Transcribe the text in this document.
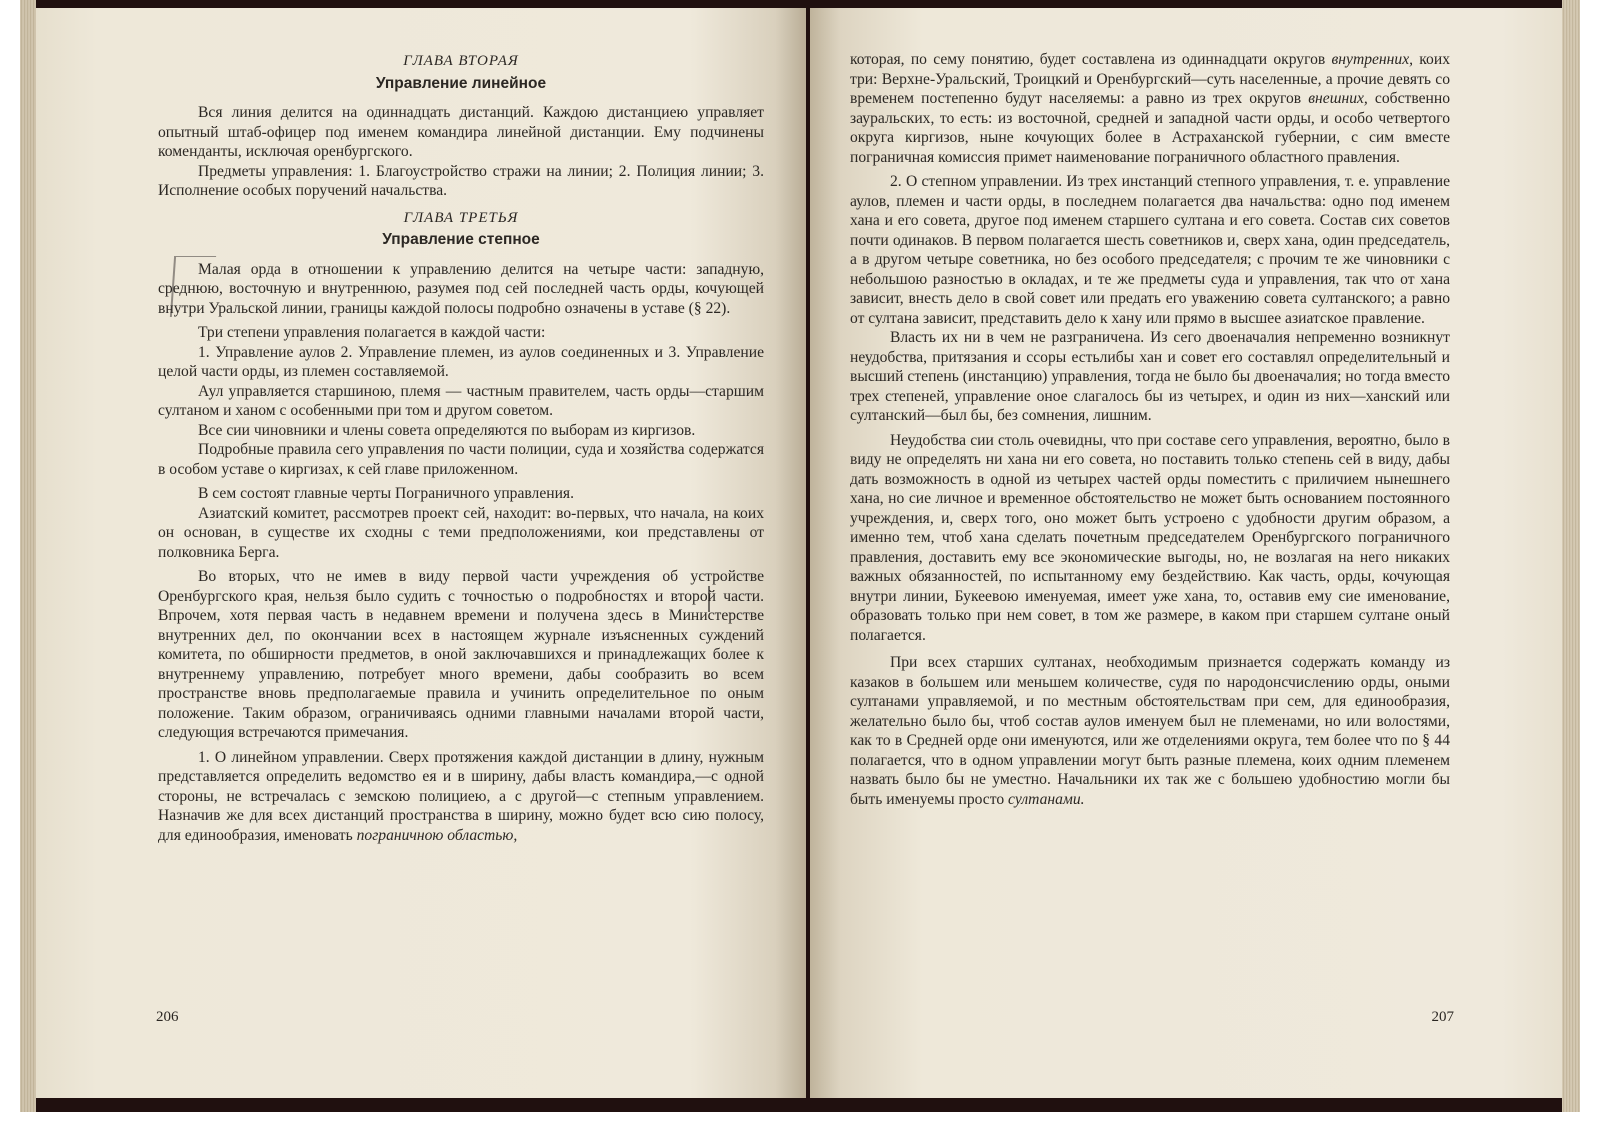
ГЛАВА ВТОРАЯ
Управление линейное

Вся линия делится на одиннадцать дистанций. Каждою дистанциею управляет опытный штаб-офицер под именем командира линейной дистанции. Ему подчинены коменданты, исключая оренбургского.

Предметы управления: 1. Благоустройство стражи на линии; 2. Полиция линии; 3. Исполнение особых поручений начальства.

ГЛАВА ТРЕТЬЯ
Управление степное

Малая орда в отношении к управлению делится на четыре части: западную, среднюю, восточную и внутреннюю, разумея под сей последней часть орды, кочующей внутри Уральской линии, границы каждой полосы подробно означены в уставе (§ 22).

Три степени управления полагается в каждой части:

1. Управление аулов 2. Управление племен, из аулов соединенных и 3. Управление целой части орды, из племен составляемой.

Аул управляется старшиною, племя — частным правителем, часть орды—старшим султаном и ханом с особенными при том и другом советом.

Все сии чиновники и члены совета определяются по выборам из киргизов.

Подробные правила сего управления по части полиции, суда и хозяйства содержатся в особом уставе о киргизах, к сей главе приложенном.

В сем состоят главные черты Пограничного управления.

Азиатский комитет, рассмотрев проект сей, находит: во-первых, что начала, на коих он основан, в существе их сходны с теми предположениями, кои представлены от полковника Берга.

Во вторых, что не имев в виду первой части учреждения об устройстве Оренбургского края, нельзя было судить с точностью о подробностях и второй части. Впрочем, хотя первая часть в недавнем времени и получена здесь в Министерстве внутренних дел, по окончании всех в настоящем журнале изъясненных суждений комитета, по обширности предметов, в оной заключавшихся и принадлежащих более к внутреннему управлению, потребует много времени, дабы сообразить во всем пространстве вновь предполагаемые правила и учинить определительное по оным положение. Таким образом, ограничиваясь одними главными началами второй части, следующия встречаются примечания.

1. О линейном управлении. Сверх протяжения каждой дистанции в длину, нужным представляется определить ведомство ея и в ширину, дабы власть командира,—с одной стороны, не встречалась с земскою полициею, а с другой—с степным управлением. Назначив же для всех дистанций пространства в ширину, можно будет всю сию полосу, для единообразия, именовать пограничною областью,

206

которая, по сему понятию, будет составлена из одиннадцати округов внутренних, коих три: Верхне-Уральский, Троицкий и Оренбургский—суть населенные, а прочие девять со временем постепенно будут населяемы: а равно из трех округов внешних, собственно зауральских, то есть: из восточной, средней и западной части орды, и особо четвертого округа киргизов, ныне кочующих более в Астраханской губернии, с сим вместе пограничная комиссия примет наименование пограничного областного правления.

2. О степном управлении. Из трех инстанций степного управления, т. е. управление аулов, племен и части орды, в последнем полагается два начальства: одно под именем хана и его совета, другое под именем старшего султана и его совета. Состав сих советов почти одинаков. В первом полагается шесть советников и, сверх хана, один председатель, а в другом четыре советника, но без особого председателя; с прочим те же чиновники с небольшою разностью в окладах, и те же предметы суда и управления, так что от хана зависит, внесть дело в свой совет или предать его уважению совета султанского; а равно от султана зависит, представить дело к хану или прямо в высшее азиатское правление.

Власть их ни в чем не разграничена. Из сего двоеначалия непременно возникнут неудобства, притязания и ссоры естьлибы хан и совет его составлял определительный и высший степень (инстанцию) управления, тогда не было бы двоеначалия; но тогда вместо трех степеней, управление оное слагалось бы из четырех, и один из них—ханский или султанский—был бы, без сомнения, лишним.

Неудобства сии столь очевидны, что при составе сего управления, вероятно, было в виду не определять ни хана ни его совета, но поставить только степень сей в виду, дабы дать возможность в одной из четырех частей орды поместить с приличием нынешнего хана, но сие личное и временное обстоятельство не может быть основанием постоянного учреждения, и, сверх того, оно может быть устроено с удобности другим образом, а именно тем, чтоб хана сделать почетным председателем Оренбургского пограничного правления, доставить ему все экономические выгоды, но, не возлагая на него никаких важных обязанностей, по испытанному ему бездействию. Как часть, орды, кочующая внутри линии, Букеевою именуемая, имеет уже хана, то, оставив ему сие именование, образовать только при нем совет, в том же размере, в каком при старшем султане оный полагается.

При всех старших султанах, необходимым признается содержать команду из казаков в большем или меньшем количестве, судя по народонсчислению орды, оными султанами управляемой, и по местным обстоятельствам при сем, для единообразия, желательно было бы, чтоб состав аулов именуем был не племенами, но или волостями, как то в Средней орде они именуются, или же отделениями округа, тем более что по § 44 полагается, что в одном управлении могут быть разные племена, коих одним племенем назвать было бы не уместно. Начальники их так же с большею удобностию могли бы быть именуемы просто султанами.

207
